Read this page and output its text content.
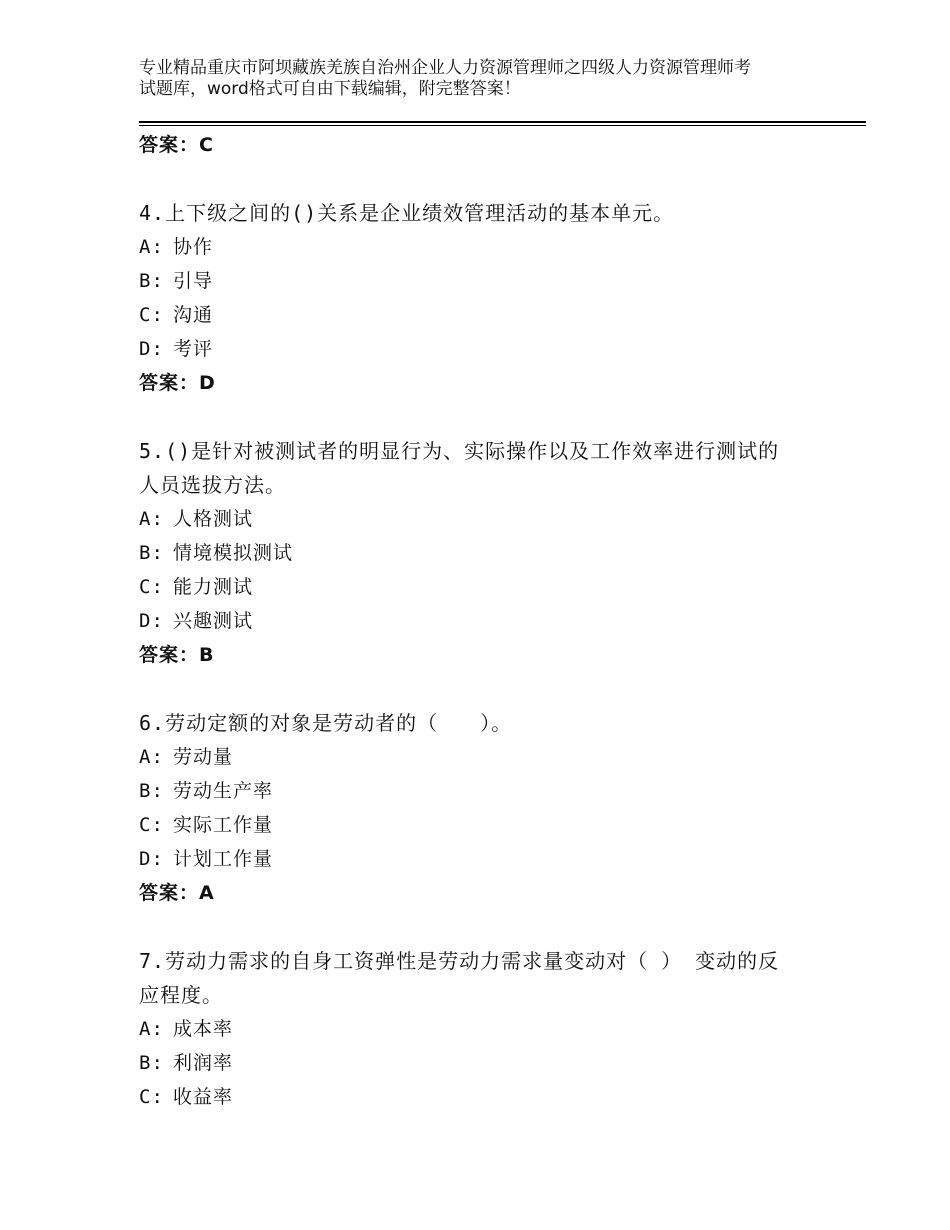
专业精品重庆市阿坝藏族羌族自治州企业人力资源管理师之四级人力资源管理师考
试题库，word格式可自由下载编辑，附完整答案！

答案：C

4.上下级之间的()关系是企业绩效管理活动的基本单元。

A: 协作

B: 引导

C: 沟通

D: 考评

答案：D

5.()是针对被测试者的明显行为、实际操作以及工作效率进行测试的

人员选拔方法。

A: 人格测试

B: 情境模拟测试

C: 能力测试

D: 兴趣测试

答案：B

6.劳动定额的对象是劳动者的（　　）。

A: 劳动量

B: 劳动生产率

C: 实际工作量

D: 计划工作量

答案：A

7.劳动力需求的自身工资弹性是劳动力需求量变动对（ ） 变动的反

应程度。

A: 成本率

B: 利润率

C: 收益率
